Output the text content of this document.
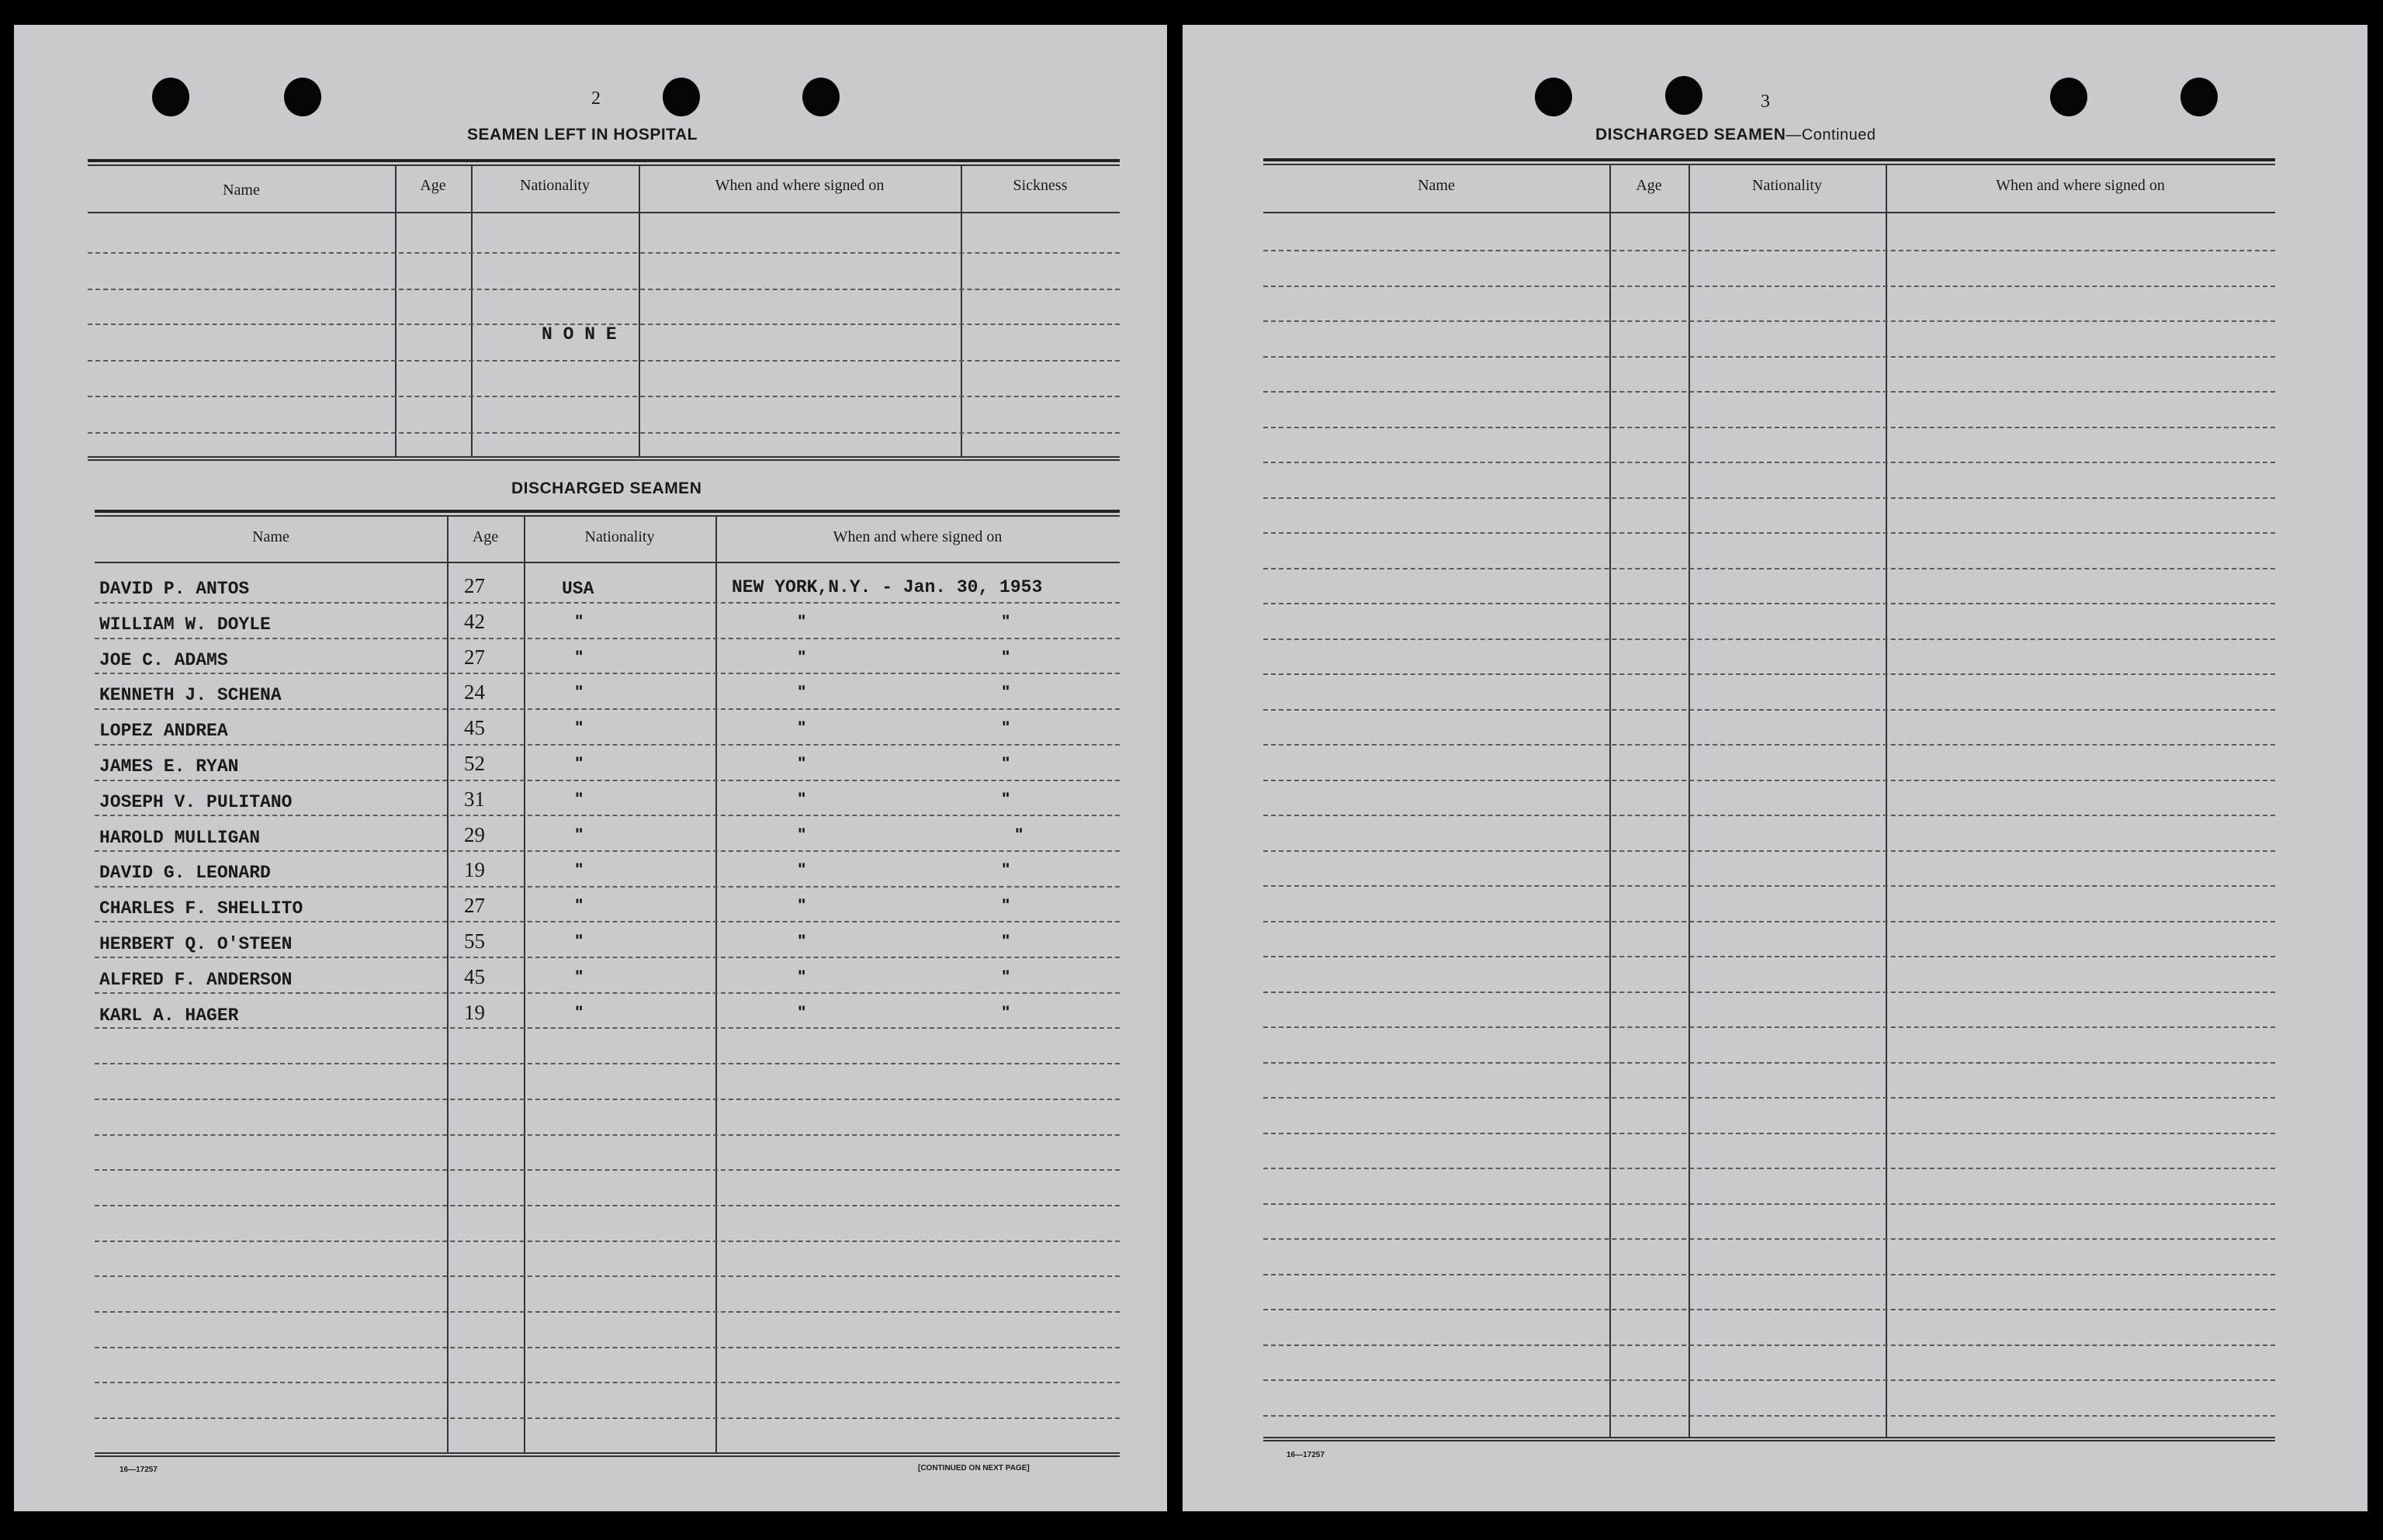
2
SEAMEN LEFT IN HOSPITAL
Name	Age	Nationality	When and where signed on	Sickness
N O N E
DISCHARGED SEAMEN
Name	Age	Nationality	When and where signed on
DAVID P. ANTOS	27	USA	NEW YORK,N.Y. - Jan. 30, 1953
WILLIAM W. DOYLE	42	"	"	"
JOE C. ADAMS	27	"	"	"
KENNETH J. SCHENA	24	"	"	"
LOPEZ ANDREA	45	"	"	"
JAMES E. RYAN	52	"	"	"
JOSEPH V. PULITANO	31	"	"	"
HAROLD MULLIGAN	29	"	"	"
DAVID G. LEONARD	19	"	"	"
CHARLES F. SHELLITO	27	"	"	"
HERBERT Q. O'STEEN	55	"	"	"
ALFRED F. ANDERSON	45	"	"	"
KARL A. HAGER	19	"	"	"
16—17257	[CONTINUED ON NEXT PAGE]
3
DISCHARGED SEAMEN—Continued
Name	Age	Nationality	When and where signed on
16—17257
